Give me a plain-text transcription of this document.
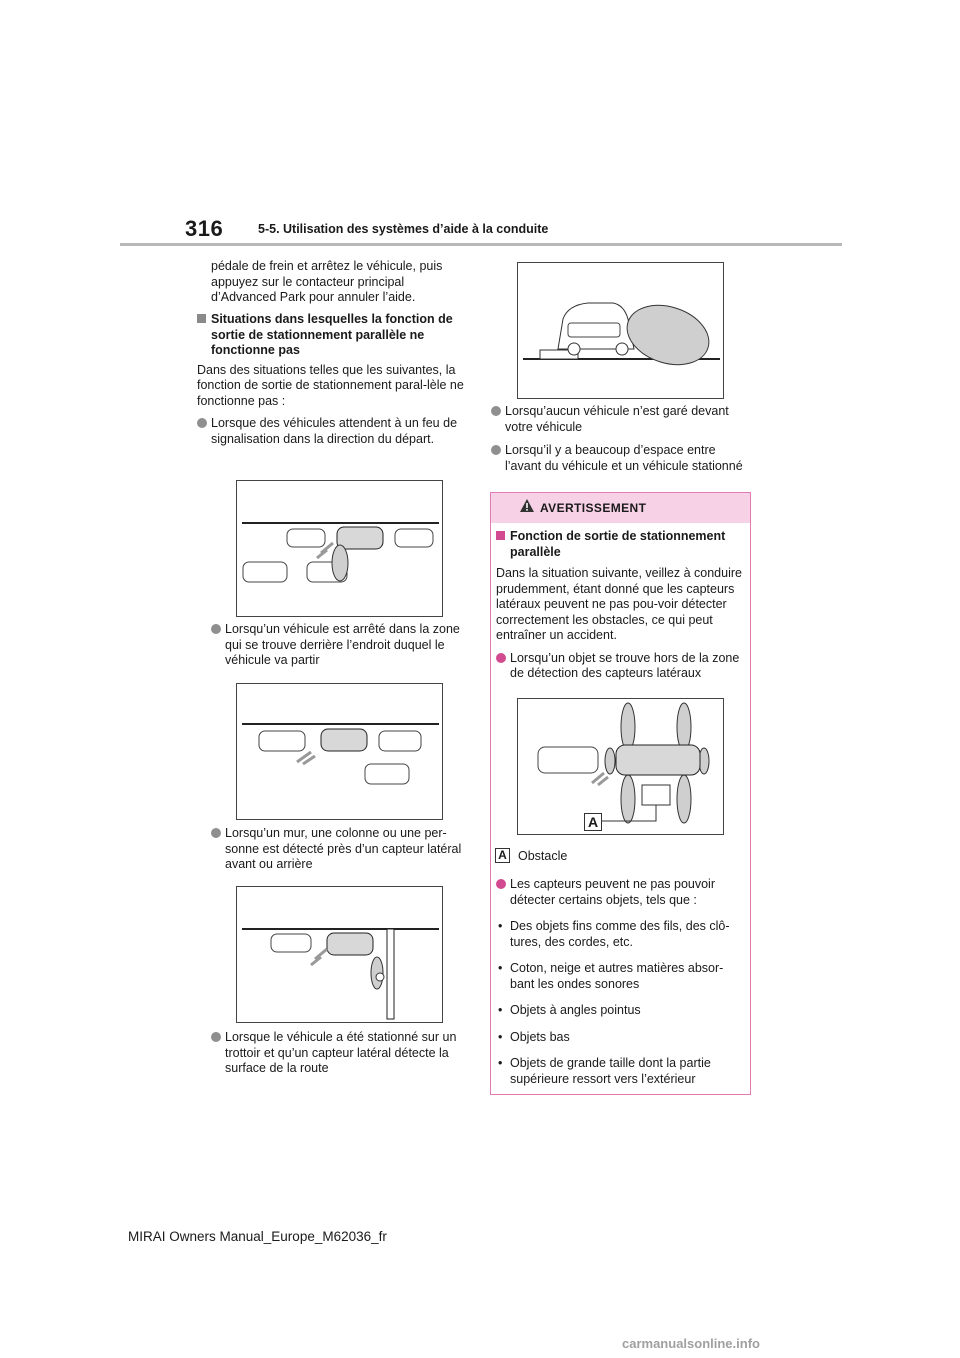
316	5-5. Utilisation des systèmes d’aide à la conduite

pédale de frein et arrêtez le véhicule, puis appuyez sur le contacteur principal d’Advanced Park pour annuler l’aide.

Situations dans lesquelles la fonction de sortie de stationnement parallèle ne fonctionne pas

Dans des situations telles que les suivantes, la fonction de sortie de stationnement paral-lèle ne fonctionne pas :

Lorsque des véhicules attendent à un feu de signalisation dans la direction du départ.
Lorsqu’un véhicule est arrêté dans la zone qui se trouve derrière l’endroit duquel le véhicule va partir
Lorsqu’un mur, une colonne ou une per-sonne est détecté près d’un capteur latéral avant ou arrière
Lorsque le véhicule a été stationné sur un trottoir et qu’un capteur latéral détecte la surface de la route
Lorsqu’aucun véhicule n’est garé devant votre véhicule
Lorsqu’il y a beaucoup d’espace entre l’avant du véhicule et un véhicule stationné
AVERTISSEMENT
Fonction de sortie de stationnement parallèle

Dans la situation suivante, veillez à conduire prudemment, étant donné que les capteurs latéraux peuvent ne pas pou-voir détecter correctement les obstacles, ce qui peut entraîner un accident.

Lorsqu’un objet se trouve hors de la zone de détection des capteurs latéraux
A
A Obstacle
Les capteurs peuvent ne pas pouvoir détecter certains objets, tels que :
• Des objets fins comme des fils, des clô-tures, des cordes, etc.
• Coton, neige et autres matières absor-bant les ondes sonores
• Objets à angles pointus
• Objets bas
• Objets de grande taille dont la partie supérieure ressort vers l’extérieur
MIRAI Owners Manual_Europe_M62036_fr
carmanualsonline.info
